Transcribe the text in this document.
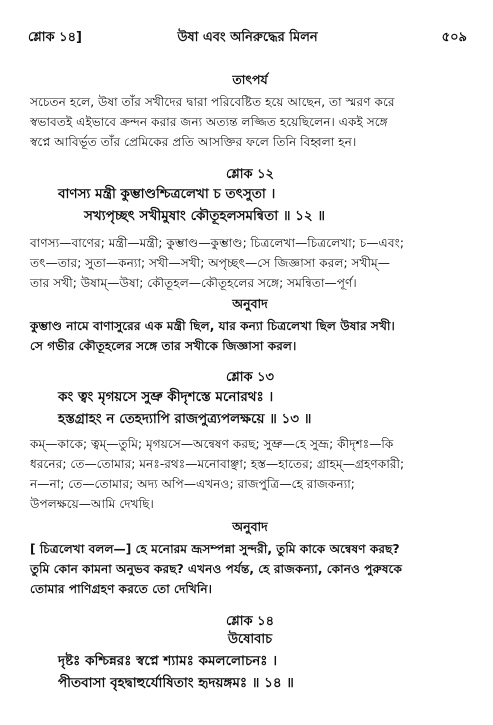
শ্লোক ১৪]	উষা এবং অনিরুদ্ধের মিলন	৫০৯
তাৎপর্য
সচেতন হলে, উষা তাঁর সখীদের দ্বারা পরিবেষ্টিত হয়ে আছেন, তা স্মরণ করে
স্বভাবতই এইভাবে ক্রন্দন করার জন্য অত্যন্ত লজ্জিত হয়েছিলেন। একই সঙ্গে
স্বপ্নে আবির্ভূত তাঁর প্রেমিকের প্রতি আসক্তির ফলে তিনি বিহ্বলা হন।
শ্লোক ১২
বাণস্য মন্ত্রী কুম্ভাণ্ডশ্চিত্রলেখা চ তৎসুতা ।
সখ্যপৃচ্ছৎ সখীমুষাং কৌতূহলসমন্বিতা ॥ ১২ ॥
বাণস্য—বাণের; মন্ত্রী—মন্ত্রী; কুম্ভাণ্ড—কুম্ভাণ্ড; চিত্রলেখা—চিত্রলেখা; চ—এবং;
তৎ—তার; সুতা—কন্যা; সখী—সখী; অপৃচ্ছৎ—সে জিজ্ঞাসা করল; সখীম্—
তার সখী; উষাম্—উষা; কৌতূহল—কৌতূহলের সঙ্গে; সমন্বিতা—পূর্ণ।
অনুবাদ
কুম্ভাণ্ড নামে বাণাসুরের এক মন্ত্রী ছিল, যার কন্যা চিত্রলেখা ছিল উষার সখী।
সে গভীর কৌতূহলের সঙ্গে তার সখীকে জিজ্ঞাসা করল।
শ্লোক ১৩
কং ত্বং মৃগয়সে সুভ্রু কীদৃশস্তে মনোরথঃ ।
হস্তগ্রাহং ন তেহদ্যাপি রাজপুত্র্যপলক্ষয়ে ॥ ১৩ ॥
কম্—কাকে; ত্বম্—তুমি; মৃগয়সে—অন্বেষণ করছ; সুভ্রু—হে সুভ্রূ; কীদৃশঃ—কি
ধরনের; তে—তোমার; মনঃ-রথঃ—মনোবাঞ্ছা; হস্ত—হাতের; গ্রাহম্—গ্রহণকারী;
ন—না; তে—তোমার; অদ্য অপি—এখনও; রাজপুত্রি—হে রাজকন্যা;
উপলক্ষয়ে—আমি দেখছি।
অনুবাদ
[ চিত্রলেখা বলল—] হে মনোরম ভ্রূসম্পন্না সুন্দরী, তুমি কাকে অন্বেষণ করছ?
তুমি কোন কামনা অনুভব করছ? এখনও পর্যন্ত, হে রাজকন্যা, কোনও পুরুষকে
তোমার পাণিগ্রহণ করতে তো দেখিনি।
শ্লোক ১৪
উষোবাচ
দৃষ্টঃ কশ্চিন্নরঃ স্বপ্নে শ্যামঃ কমললোচনঃ ।
পীতবাসা বৃহদ্বাহুর্যোষিতাং হৃদয়ঙ্গমঃ ॥ ১৪ ॥
